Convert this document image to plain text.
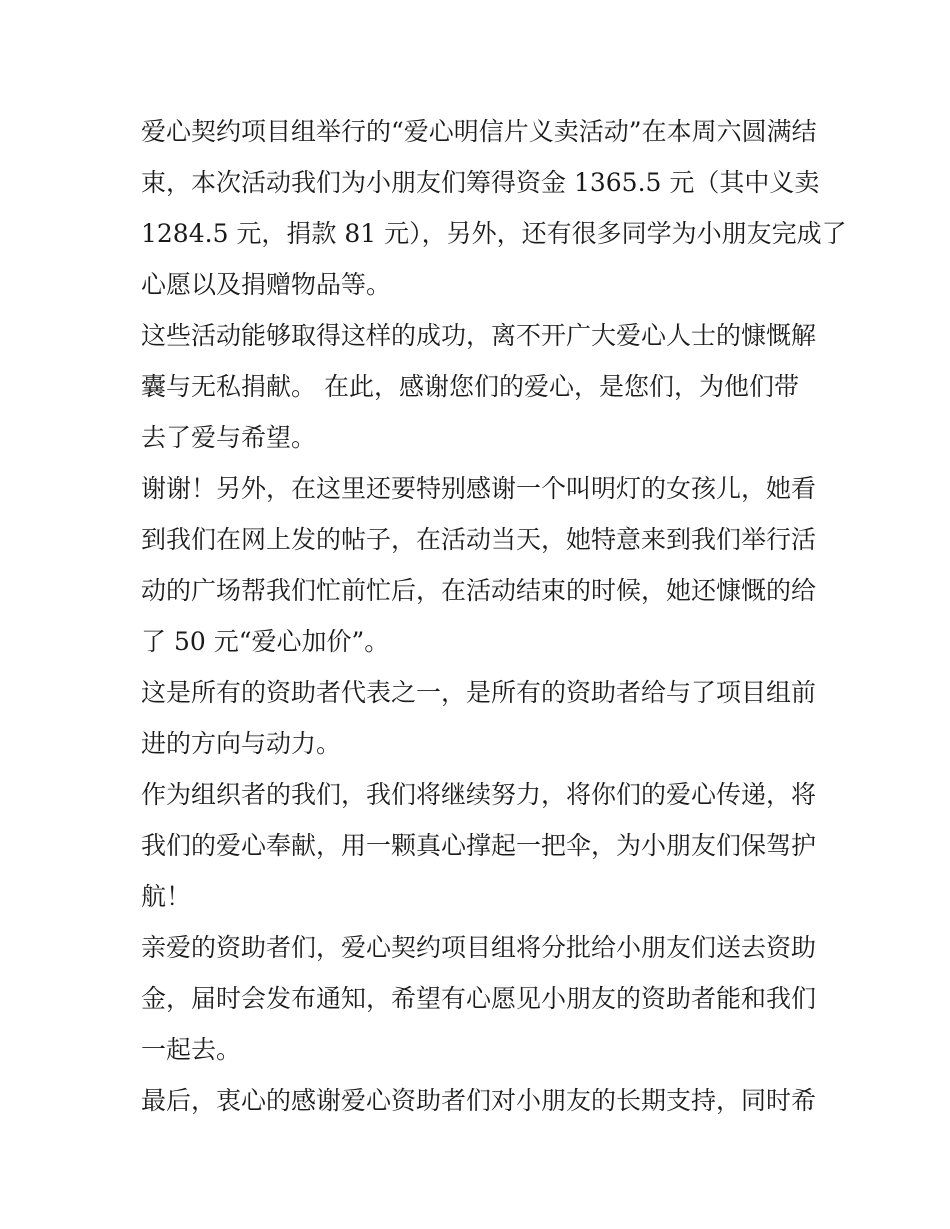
爱心契约项目组举行的“爱心明信片义卖活动”在本周六圆满结
束，本次活动我们为小朋友们筹得资金 1365.5 元（其中义卖
1284.5 元，捐款 81 元），另外，还有很多同学为小朋友完成了
心愿以及捐赠物品等。
这些活动能够取得这样的成功，离不开广大爱心人士的慷慨解
囊与无私捐献。 在此，感谢您们的爱心，是您们，为他们带
去了爱与希望。
谢谢！另外，在这里还要特别感谢一个叫明灯的女孩儿，她看
到我们在网上发的帖子，在活动当天，她特意来到我们举行活
动的广场帮我们忙前忙后，在活动结束的时候，她还慷慨的给
了 50 元“爱心加价”。
这是所有的资助者代表之一，是所有的资助者给与了项目组前
进的方向与动力。
作为组织者的我们，我们将继续努力，将你们的爱心传递，将
我们的爱心奉献，用一颗真心撑起一把伞，为小朋友们保驾护
航！
亲爱的资助者们，爱心契约项目组将分批给小朋友们送去资助
金，届时会发布通知，希望有心愿见小朋友的资助者能和我们
一起去。
最后，衷心的感谢爱心资助者们对小朋友的长期支持，同时希
